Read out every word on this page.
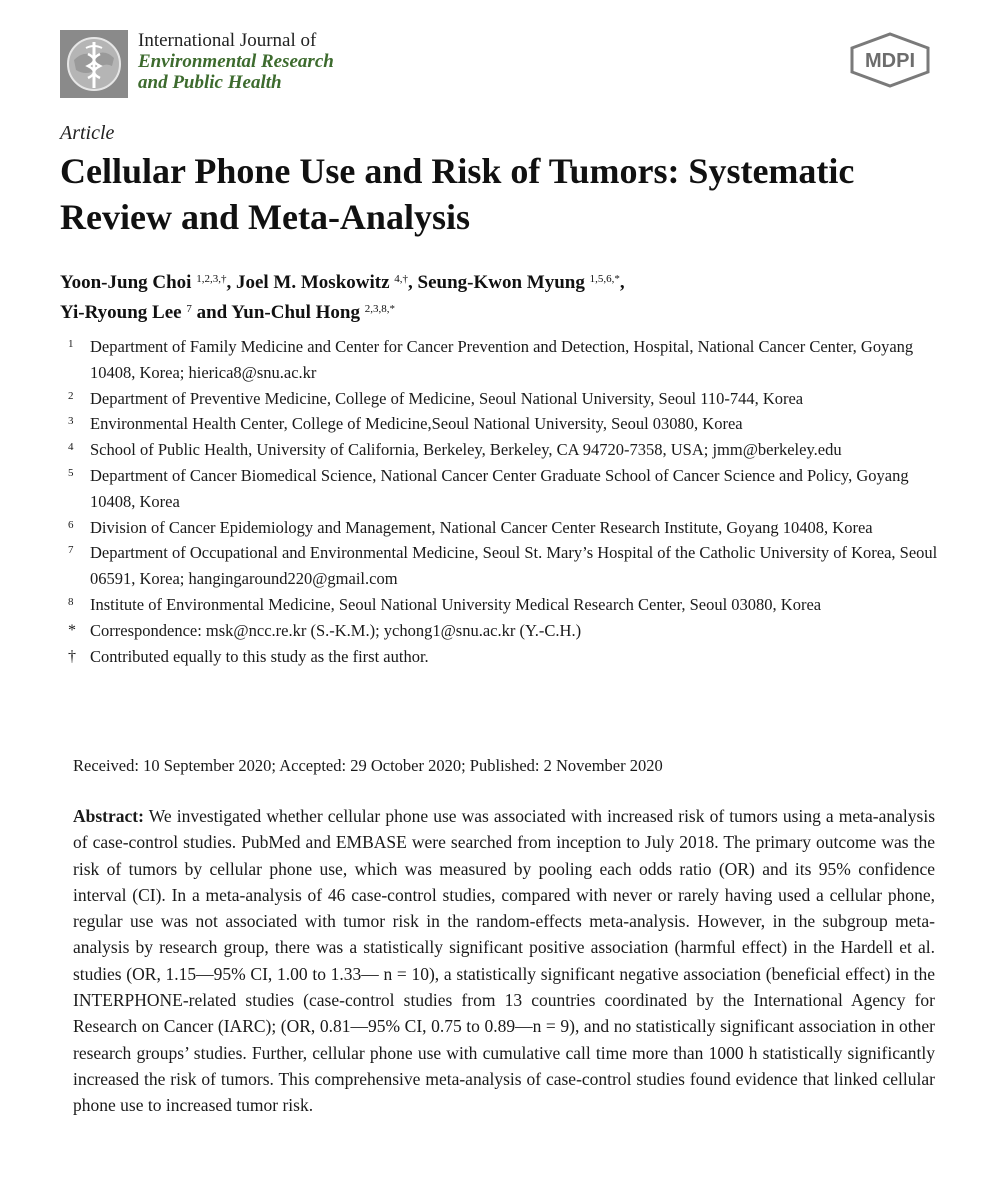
International Journal of
Environmental Research
and Public Health
MDPI
Article
Cellular Phone Use and Risk of Tumors: Systematic Review and Meta-Analysis
Yoon-Jung Choi $^{1,2,3,\dagger}$, Joel M. Moskowitz $^{4,\dagger}$, Seung-Kwon Myung $^{1,5,6,*}$,
Yi-Ryoung Lee $^7$ and Yun-Chul Hong $^{2,3,8,*}$
1	Department of Family Medicine and Center for Cancer Prevention and Detection, Hospital, National Cancer Center, Goyang 10408, Korea; hierica8@snu.ac.kr
2	Department of Preventive Medicine, College of Medicine, Seoul National University, Seoul 110-744, Korea
3	Environmental Health Center, College of Medicine,Seoul National University, Seoul 03080, Korea
4	School of Public Health, University of California, Berkeley, Berkeley, CA 94720-7358, USA; jmm@berkeley.edu
5	Department of Cancer Biomedical Science, National Cancer Center Graduate School of Cancer Science and Policy, Goyang 10408, Korea
6	Division of Cancer Epidemiology and Management, National Cancer Center Research Institute, Goyang 10408, Korea
7	Department of Occupational and Environmental Medicine, Seoul St. Mary’s Hospital of the Catholic University of Korea, Seoul 06591, Korea; hangingaround220@gmail.com
8	Institute of Environmental Medicine, Seoul National University Medical Research Center, Seoul 03080, Korea
* Correspondence: msk@ncc.re.kr (S.-K.M.); ychong1@snu.ac.kr (Y.-C.H.)
† Contributed equally to this study as the first author.
Received: 10 September 2020; Accepted: 29 October 2020; Published: 2 November 2020
Abstract: We investigated whether cellular phone use was associated with increased risk of tumors using a meta-analysis of case-control studies. PubMed and EMBASE were searched from inception to July 2018. The primary outcome was the risk of tumors by cellular phone use, which was measured by pooling each odds ratio (OR) and its 95% confidence interval (CI). In a meta-analysis of 46 case-control studies, compared with never or rarely having used a cellular phone, regular use was not associated with tumor risk in the random-effects meta-analysis. However, in the subgroup meta-analysis by research group, there was a statistically significant positive association (harmful effect) in the Hardell et al. studies (OR, 1.15—95% CI, 1.00 to 1.33— n = 10), a statistically significant negative association (beneficial effect) in the INTERPHONE-related studies (case-control studies from 13 countries coordinated by the International Agency for Research on Cancer (IARC); (OR, 0.81—95% CI, 0.75 to 0.89—n = 9), and no statistically significant association in other research groups’ studies. Further, cellular phone use with cumulative call time more than 1000 h statistically significantly increased the risk of tumors. This comprehensive meta-analysis of case-control studies found evidence that linked cellular phone use to increased tumor risk.
